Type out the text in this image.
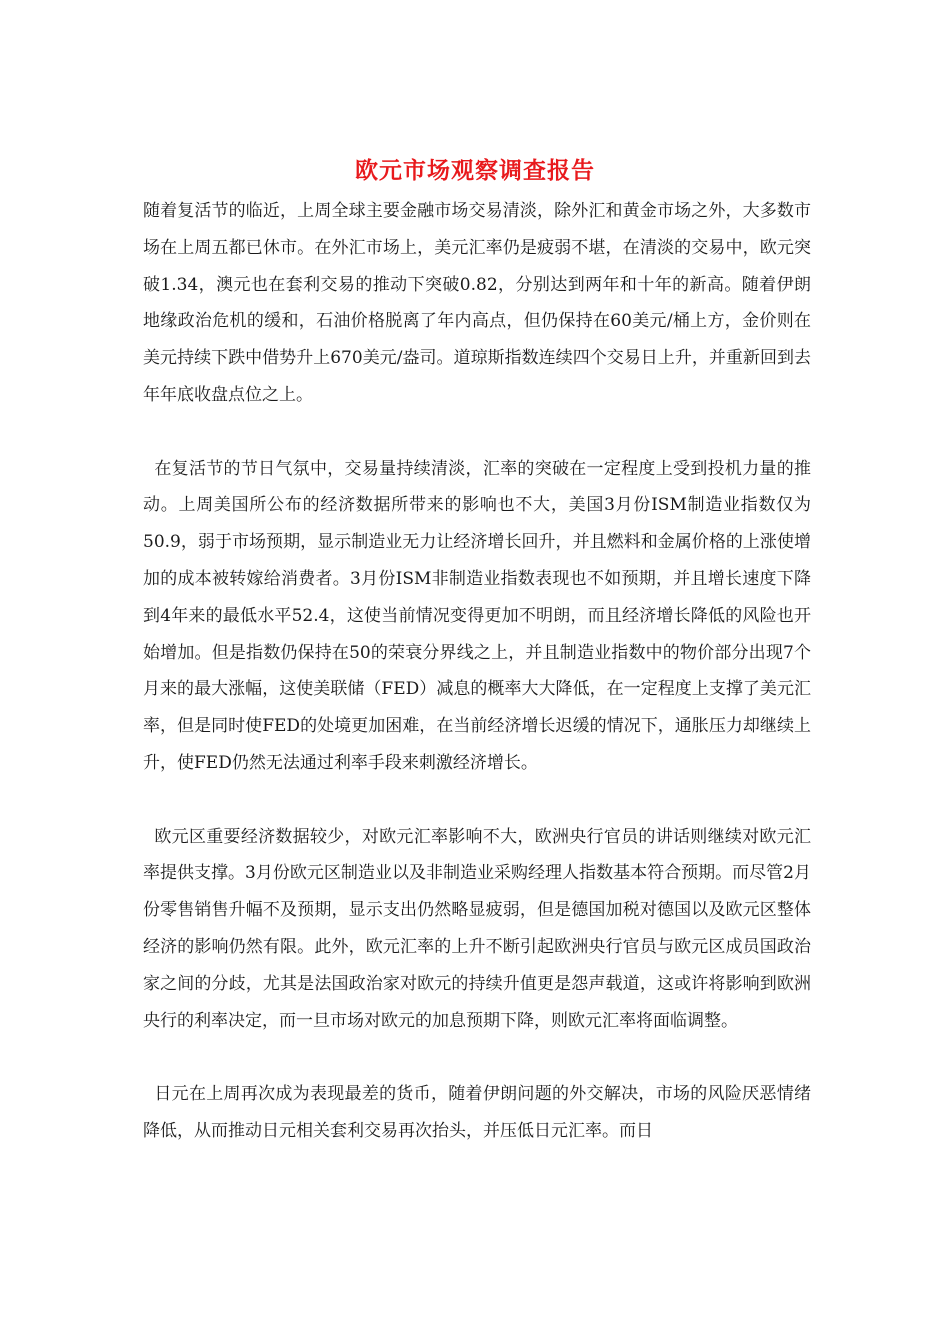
欧元市场观察调查报告

随着复活节的临近，上周全球主要金融市场交易清淡，除外汇和黄金市场之外，大多数市场在上周五都已休市。在外汇市场上，美元汇率仍是疲弱不堪，在清淡的交易中，欧元突破1.34，澳元也在套利交易的推动下突破0.82，分别达到两年和十年的新高。随着伊朗地缘政治危机的缓和，石油价格脱离了年内高点，但仍保持在60美元/桶上方，金价则在美元持续下跌中借势升上670美元/盎司。道琼斯指数连续四个交易日上升，并重新回到去年年底收盘点位之上。

在复活节的节日气氛中，交易量持续清淡，汇率的突破在一定程度上受到投机力量的推动。上周美国所公布的经济数据所带来的影响也不大，美国3月份ISM制造业指数仅为50.9，弱于市场预期，显示制造业无力让经济增长回升，并且燃料和金属价格的上涨使增加的成本被转嫁给消费者。3月份ISM非制造业指数表现也不如预期，并且增长速度下降到4年来的最低水平52.4，这使当前情况变得更加不明朗，而且经济增长降低的风险也开始增加。但是指数仍保持在50的荣衰分界线之上，并且制造业指数中的物价部分出现7个月来的最大涨幅，这使美联储（FED）减息的概率大大降低，在一定程度上支撑了美元汇率，但是同时使FED的处境更加困难，在当前经济增长迟缓的情况下，通胀压力却继续上升，使FED仍然无法通过利率手段来刺激经济增长。

欧元区重要经济数据较少，对欧元汇率影响不大，欧洲央行官员的讲话则继续对欧元汇率提供支撑。3月份欧元区制造业以及非制造业采购经理人指数基本符合预期。而尽管2月份零售销售升幅不及预期，显示支出仍然略显疲弱，但是德国加税对德国以及欧元区整体经济的影响仍然有限。此外，欧元汇率的上升不断引起欧洲央行官员与欧元区成员国政治家之间的分歧，尤其是法国政治家对欧元的持续升值更是怨声载道，这或许将影响到欧洲央行的利率决定，而一旦市场对欧元的加息预期下降，则欧元汇率将面临调整。

日元在上周再次成为表现最差的货币，随着伊朗问题的外交解决，市场的风险厌恶情绪降低，从而推动日元相关套利交易再次抬头，并压低日元汇率。而日
